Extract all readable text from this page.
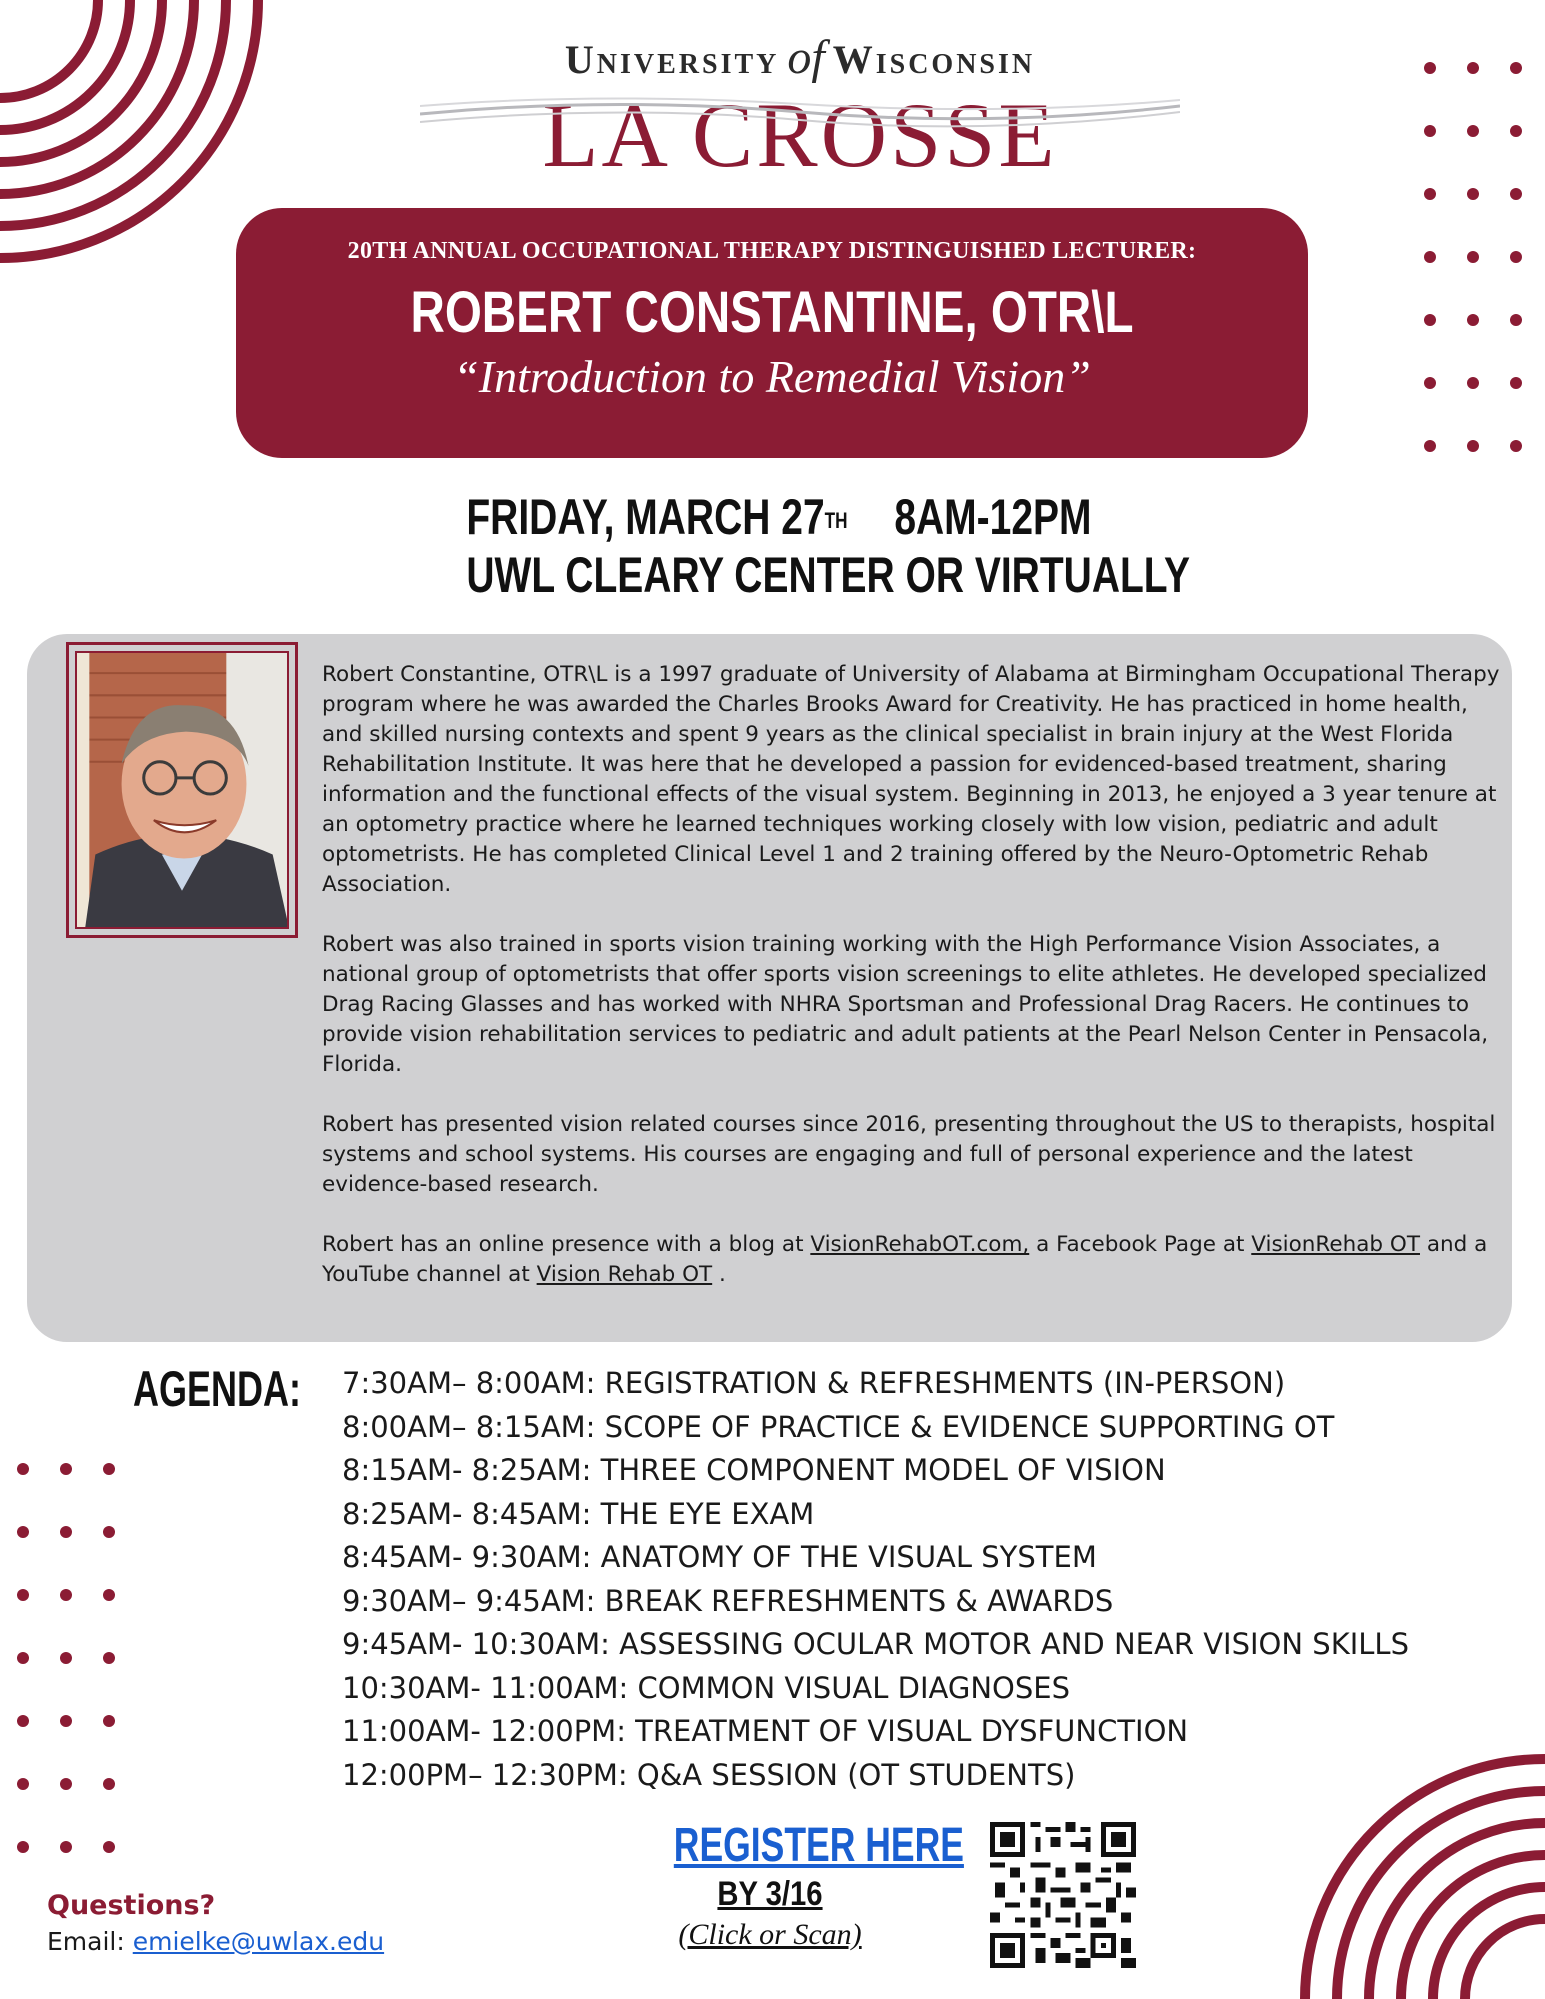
University of Wisconsin
LA CROSSE
20TH ANNUAL OCCUPATIONAL THERAPY DISTINGUISHED LECTURER:
ROBERT CONSTANTINE, OTR\L
“Introduction to Remedial Vision”
FRIDAY, MARCH 27TH 8AM-12PM
UWL CLEARY CENTER OR VIRTUALLY

Robert Constantine, OTR\L is a 1997 graduate of University of Alabama at Birmingham Occupational Therapy program where he was awarded the Charles Brooks Award for Creativity. He has practiced in home health, and skilled nursing contexts and spent 9 years as the clinical specialist in brain injury at the West Florida Rehabilitation Institute. It was here that he developed a passion for evidenced-based treatment, sharing information and the functional effects of the visual system. Beginning in 2013, he enjoyed a 3 year tenure at an optometry practice where he learned techniques working closely with low vision, pediatric and adult optometrists. He has completed Clinical Level 1 and 2 training offered by the Neuro-Optometric Rehab Association.

Robert was also trained in sports vision training working with the High Performance Vision Associates, a national group of optometrists that offer sports vision screenings to elite athletes. He developed specialized Drag Racing Glasses and has worked with NHRA Sportsman and Professional Drag Racers. He continues to provide vision rehabilitation services to pediatric and adult patients at the Pearl Nelson Center in Pensacola, Florida.

Robert has presented vision related courses since 2016, presenting throughout the US to therapists, hospital systems and school systems. His courses are engaging and full of personal experience and the latest evidence-based research.

Robert has an online presence with a blog at VisionRehabOT.com, a Facebook Page at VisionRehab OT and a YouTube channel at Vision Rehab OT .

AGENDA: 7:30AM– 8:00AM: REGISTRATION & REFRESHMENTS (IN-PERSON)
8:00AM– 8:15AM: SCOPE OF PRACTICE & EVIDENCE SUPPORTING OT
8:15AM- 8:25AM: THREE COMPONENT MODEL OF VISION
8:25AM- 8:45AM: THE EYE EXAM
8:45AM- 9:30AM: ANATOMY OF THE VISUAL SYSTEM
9:30AM– 9:45AM: BREAK REFRESHMENTS & AWARDS
9:45AM- 10:30AM: ASSESSING OCULAR MOTOR AND NEAR VISION SKILLS
10:30AM- 11:00AM: COMMON VISUAL DIAGNOSES
11:00AM- 12:00PM: TREATMENT OF VISUAL DYSFUNCTION
12:00PM– 12:30PM: Q&A SESSION (OT STUDENTS)
REGISTER HERE
BY 3/16
(Click or Scan)
Questions?
Email: emielke@uwlax.edu
